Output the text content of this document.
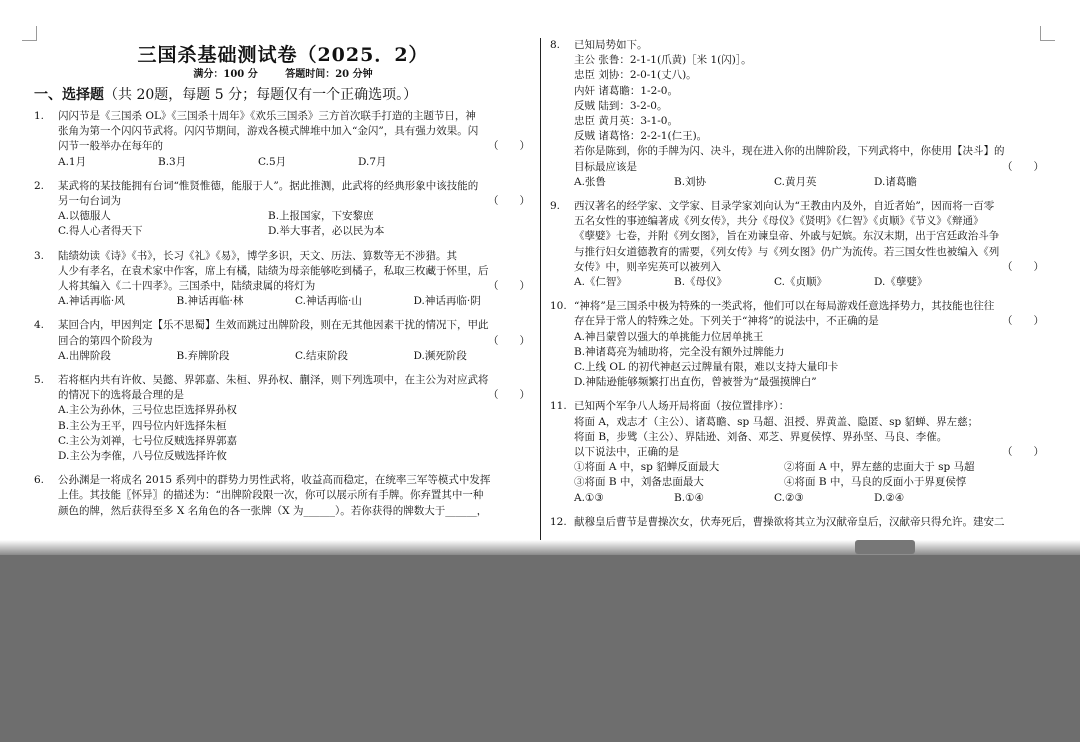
三国杀基础测试卷（2025．2）
满分：100 分	答题时间：20 分钟
一、选择题（共 20题，每题 5 分；每题仅有一个正确选项。）
1.	闪闪节是《三国杀 OL》《三国杀十周年》《欢乐三国杀》三方首次联手打造的主题节日，神
张角为第一个闪闪节武将。闪闪节期间，游戏各模式牌堆中加入“金闪”，具有强力效果。闪
闪节一般举办在每年的	（　　）
A.1月	B.3月	C.5月	D.7月
2.	某武将的某技能拥有台词“惟贤惟德，能服于人”。据此推测，此武将的经典形象中该技能的
另一句台词为	（　　）
A.以德服人	B.上报国家，下安黎庶
C.得人心者得天下	D.举大事者，必以民为本
3.	陆绩幼读《诗》《书》，长习《礼》《易》，博学多识，天文、历法、算数等无不涉猎。其
人少有孝名，在袁术家中作客，席上有橘，陆绩为母亲能够吃到橘子，私取三枚藏于怀里，后
人将其编入《二十四孝》。三国杀中，陆绩隶属的将灯为	（　　）
A.神话再临·风	B.神话再临·林	C.神话再临·山	D.神话再临·阴
4.	某回合内，甲因判定【乐不思蜀】生效而跳过出牌阶段，则在无其他因素干扰的情况下，甲此
回合的第四个阶段为	（　　）
A.出牌阶段	B.弃牌阶段	C.结束阶段	D.濒死阶段
5.	若将框内共有许攸、吴懿、界郭嘉、朱桓、界孙权、蒯泽，则下列选项中，在主公为对应武将
的情况下的选将最合理的是	（　　）
A.主公为孙休，三号位忠臣选择界孙权
B.主公为王平，四号位内奸选择朱桓
C.主公为刘禅，七号位反贼选择界郭嘉
D.主公为李傕，八号位反贼选择许攸
6.	公孙渊是一将成名 2015 系列中的群势力男性武将，收益高而稳定，在统率三军等模式中发挥
上佳。其技能〖怀异〗的描述为：“出牌阶段限一次，你可以展示所有手牌。你弃置其中一种
颜色的牌，然后获得至多 X 名角色的各一张牌（X 为______）。若你获得的牌数大于______，
8.	已知局势如下。
主公 张鲁：2-1-1(爪黄)［米 1(闪)］。
忠臣 刘协：2-0-1(丈八)。
内奸 诸葛瞻：1-2-0。
反贼 陆到：3-2-0。
忠臣 黄月英：3-1-0。
反贼 诸葛恪：2-2-1(仁王)。
若你是陈到，你的手牌为闪、决斗，现在进入你的出牌阶段，下列武将中，你使用【决斗】的
目标最应该是	（　　）
A.张鲁	B.刘协	C.黄月英	D.诸葛瞻
9.	西汉著名的经学家、文学家、目录学家刘向认为“王教由内及外，自近者始”，因而将一百零
五名女性的事迹编著成《列女传》，共分《母仪》《贤明》《仁智》《贞顺》《节义》《辩通》
《孽嬖》七卷，并附《列女图》，旨在劝谏皇帝、外戚与妃嫔。东汉末期，出于宫廷政治斗争
与推行妇女道德教育的需要，《列女传》与《列女图》仍广为流传。若三国女性也被编入《列
女传》中，则辛宪英可以被列入	（　　）
A.《仁智》	B.《母仪》	C.《贞顺》	D.《孽嬖》
10. “神将”是三国杀中极为特殊的一类武将，他们可以在每局游戏任意选择势力，其技能也往往
存在异于常人的特殊之处。下列关于“神将”的说法中，不正确的是	（　　）
A.神吕蒙曾以强大的单挑能力位居单挑王
B.神诸葛亮为辅助将，完全没有额外过牌能力
C.上线 OL 的初代神赵云过牌量有限，难以支持大量印卡
D.神陆逊能够频繁打出直伤，曾被誉为“最强摸牌白”
11. 已知两个军争八人场开局将面（按位置排序）：
将面 A，戏志才（主公）、诸葛瞻、sp 马超、沮授、界黄盖、隐匿、sp 貂蝉、界左慈；
将面 B，步骘（主公）、界陆逊、刘备、邓芝、界夏侯惇、界孙坚、马良、李傕。
以下说法中，正确的是	（　　）
①将面 A 中，sp 貂蝉反面最大	②将面 A 中，界左慈的忠面大于 sp 马超
③将面 B 中，刘备忠面最大	④将面 B 中，马良的反面小于界夏侯惇
A.①③	B.①④	C.②③	D.②④
12. 献穆皇后曹节是曹操次女，伏寿死后，曹操欲将其立为汉献帝皇后，汉献帝只得允许。建安二
